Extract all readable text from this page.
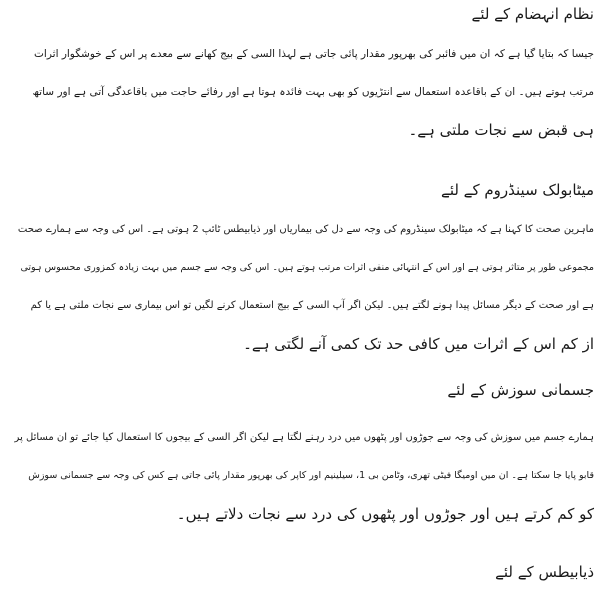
نظام انہضام کے لئے
جیسا کہ بتایا گیا ہے کہ ان میں فائبر کی بھرپور مقدار پائی جاتی ہے لہذا السی کے بیج کھانے سے معدے پر اس کے خوشگوار اثرات
مرتب ہوتے ہیں۔ ان کے باقاعدہ استعمال سے انتڑیوں کو بھی بہت فائدہ ہوتا ہے اور رفائے حاجت میں باقاعدگی آتی ہے اور ساتھ
ہی قبض سے نجات ملتی ہے۔
میٹابولک سینڈروم کے لئے
ماہرین صحت کا کہنا ہے کہ میٹابولک سینڈروم کی وجہ سے دل کی بیماریاں اور ذیابیطس ٹائپ 2 ہوتی ہے۔ اس کی وجہ سے ہمارے صحت
مجموعی طور پر متاثر ہوتی ہے اور اس کے انتہائی منفی اثرات مرتب ہوتے ہیں۔ اس کی وجہ سے جسم میں بہت زیادہ کمزوری محسوس ہوتی
ہے اور صحت کے دیگر مسائل پیدا ہونے لگتے ہیں۔ لیکن اگر آپ السی کے بیج استعمال کرنے لگیں تو اس بیماری سے نجات ملتی ہے یا کم
از کم اس کے اثرات میں کافی حد تک کمی آنے لگتی ہے۔
جسمانی سوزش کے لئے
ہمارے جسم میں سوزش کی وجہ سے جوڑوں اور پٹھوں میں درد رہنے لگتا ہے لیکن اگر السی کے بیجوں کا استعمال کیا جائے تو ان مسائل پر
قابو پایا جا سکتا ہے۔ ان میں اومیگا فیٹی تھری، وٹامن بی 1، سیلینیم اور کاپر کی بھرپور مقدار پائی جاتی ہے کس کی وجہ سے جسمانی سوزش
کو کم کرتے ہیں اور جوڑوں اور پٹھوں کی درد سے نجات دلاتے ہیں۔
ذیابیطس کے لئے
